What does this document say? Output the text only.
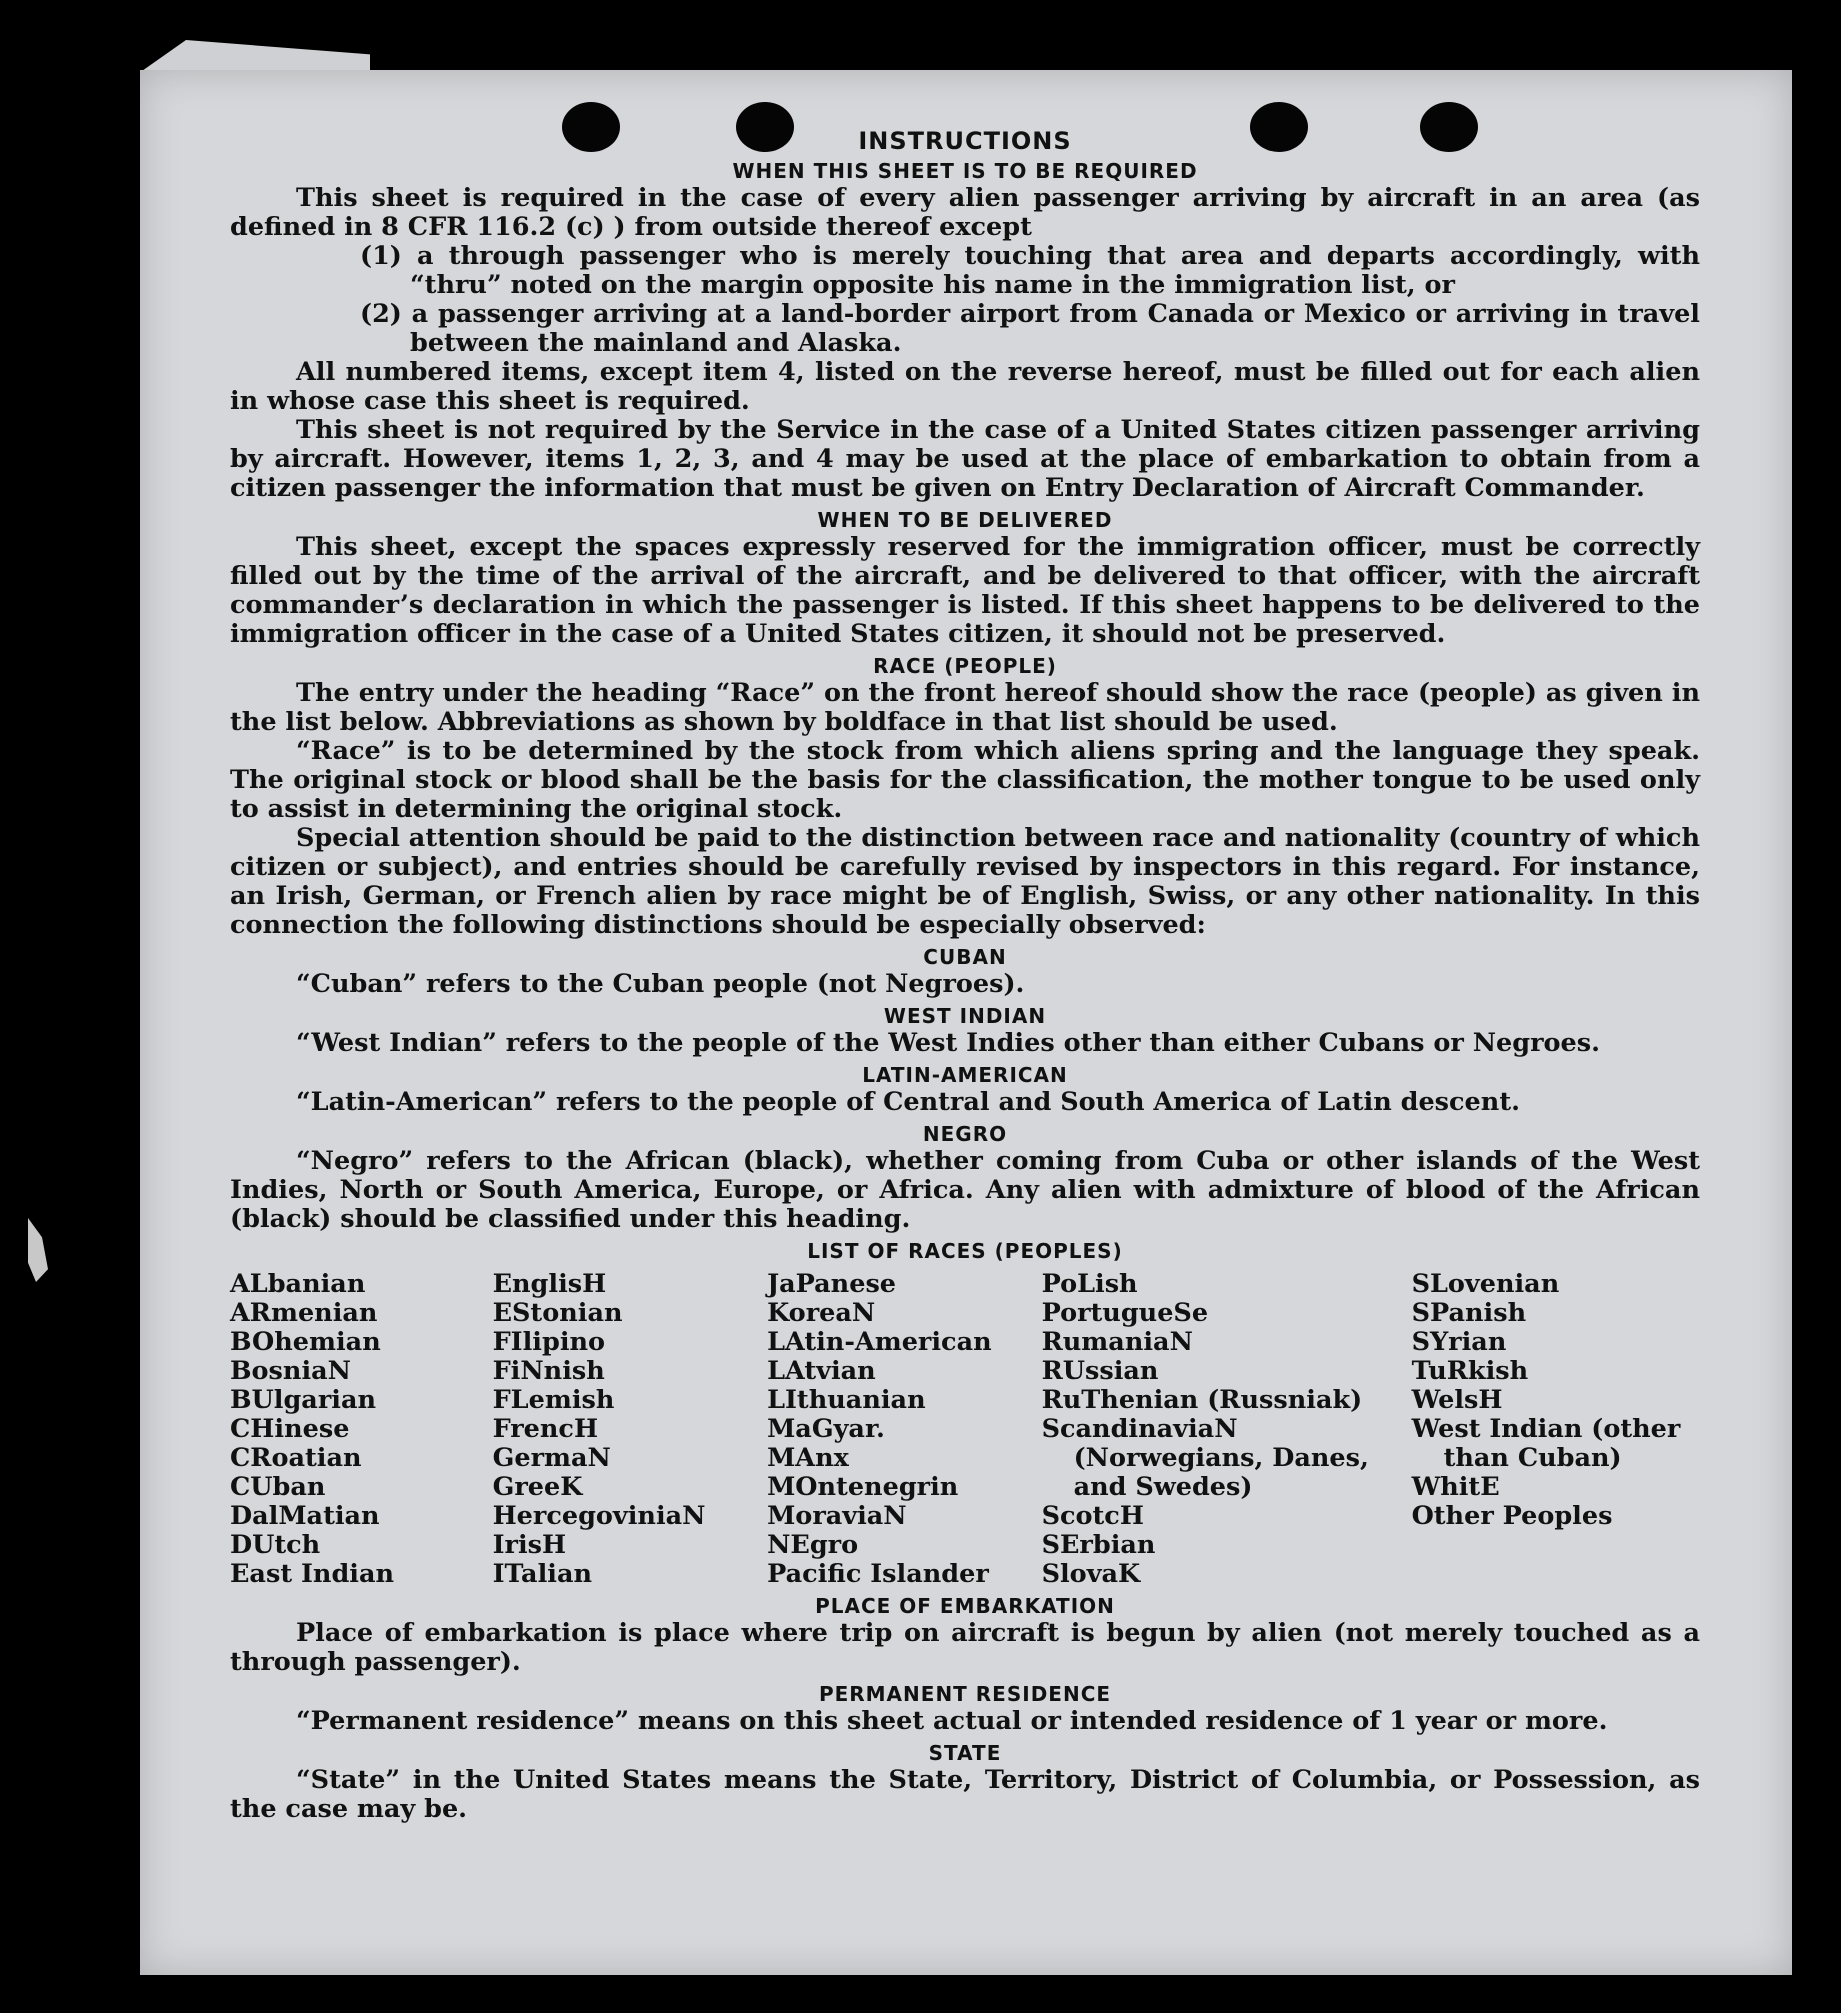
INSTRUCTIONS
WHEN THIS SHEET IS TO BE REQUIRED

This sheet is required in the case of every alien passenger arriving by aircraft in an area (as defined in 8 CFR 116.2 (c) ) from outside thereof except

(1) a through passenger who is merely touching that area and departs accordingly, with “thru” noted on the margin opposite his name in the immigration list, or
(2) a passenger arriving at a land-border airport from Canada or Mexico or arriving in travel between the mainland and Alaska.

All numbered items, except item 4, listed on the reverse hereof, must be filled out for each alien in whose case this sheet is required.

This sheet is not required by the Service in the case of a United States citizen passenger arriving by aircraft. However, items 1, 2, 3, and 4 may be used at the place of embarkation to obtain from a citizen passenger the information that must be given on Entry Declaration of Aircraft Commander.

WHEN TO BE DELIVERED

This sheet, except the spaces expressly reserved for the immigration officer, must be correctly filled out by the time of the arrival of the aircraft, and be delivered to that officer, with the aircraft commander’s declaration in which the passenger is listed. If this sheet happens to be delivered to the immigration officer in the case of a United States citizen, it should not be preserved.

RACE (PEOPLE)

The entry under the heading “Race” on the front hereof should show the race (people) as given in the list below. Abbreviations as shown by boldface in that list should be used.

“Race” is to be determined by the stock from which aliens spring and the language they speak. The original stock or blood shall be the basis for the classification, the mother tongue to be used only to assist in determining the original stock.

Special attention should be paid to the distinction between race and nationality (country of which citizen or subject), and entries should be carefully revised by inspectors in this regard. For instance, an Irish, German, or French alien by race might be of English, Swiss, or any other nationality. In this connection the following distinctions should be especially observed:

CUBAN

“Cuban” refers to the Cuban people (not Negroes).

WEST INDIAN

“West Indian” refers to the people of the West Indies other than either Cubans or Negroes.

LATIN-AMERICAN

“Latin-American” refers to the people of Central and South America of Latin descent.

NEGRO

“Negro” refers to the African (black), whether coming from Cuba or other islands of the West Indies, North or South America, Europe, or Africa. Any alien with admixture of blood of the African (black) should be classified under this heading.

LIST OF RACES (PEOPLES)
ALbanian
ARmenian
BOhemian
BosniaN
BUlgarian
CHinese
CRoatian
CUban
DalMatian
DUtch
East Indian
EnglisH
EStonian
FIlipino
FiNnish
FLemish
FrencH
GermaN
GreeK
HercegoviniaN
IrisH
ITalian
JaPanese
KoreaN
LAtin-American
LAtvian
LIthuanian
MaGyar.
MAnx
MOntenegrin
MoraviaN
NEgro
Pacific Islander
PoLish
PortugueSe
RumaniaN
RUssian
RuThenian (Russniak)
ScandinaviaN (Norwegians, Danes, and Swedes)
ScotcH
SErbian
SlovaK
SLovenian
SPanish
SYrian
TuRkish
WelsH
West Indian (other than Cuban)
WhitE
Other Peoples
PLACE OF EMBARKATION

Place of embarkation is place where trip on aircraft is begun by alien (not merely touched as a through passenger).

PERMANENT RESIDENCE

“Permanent residence” means on this sheet actual or intended residence of 1 year or more.

STATE

“State” in the United States means the State, Territory, District of Columbia, or Possession, as the case may be.
